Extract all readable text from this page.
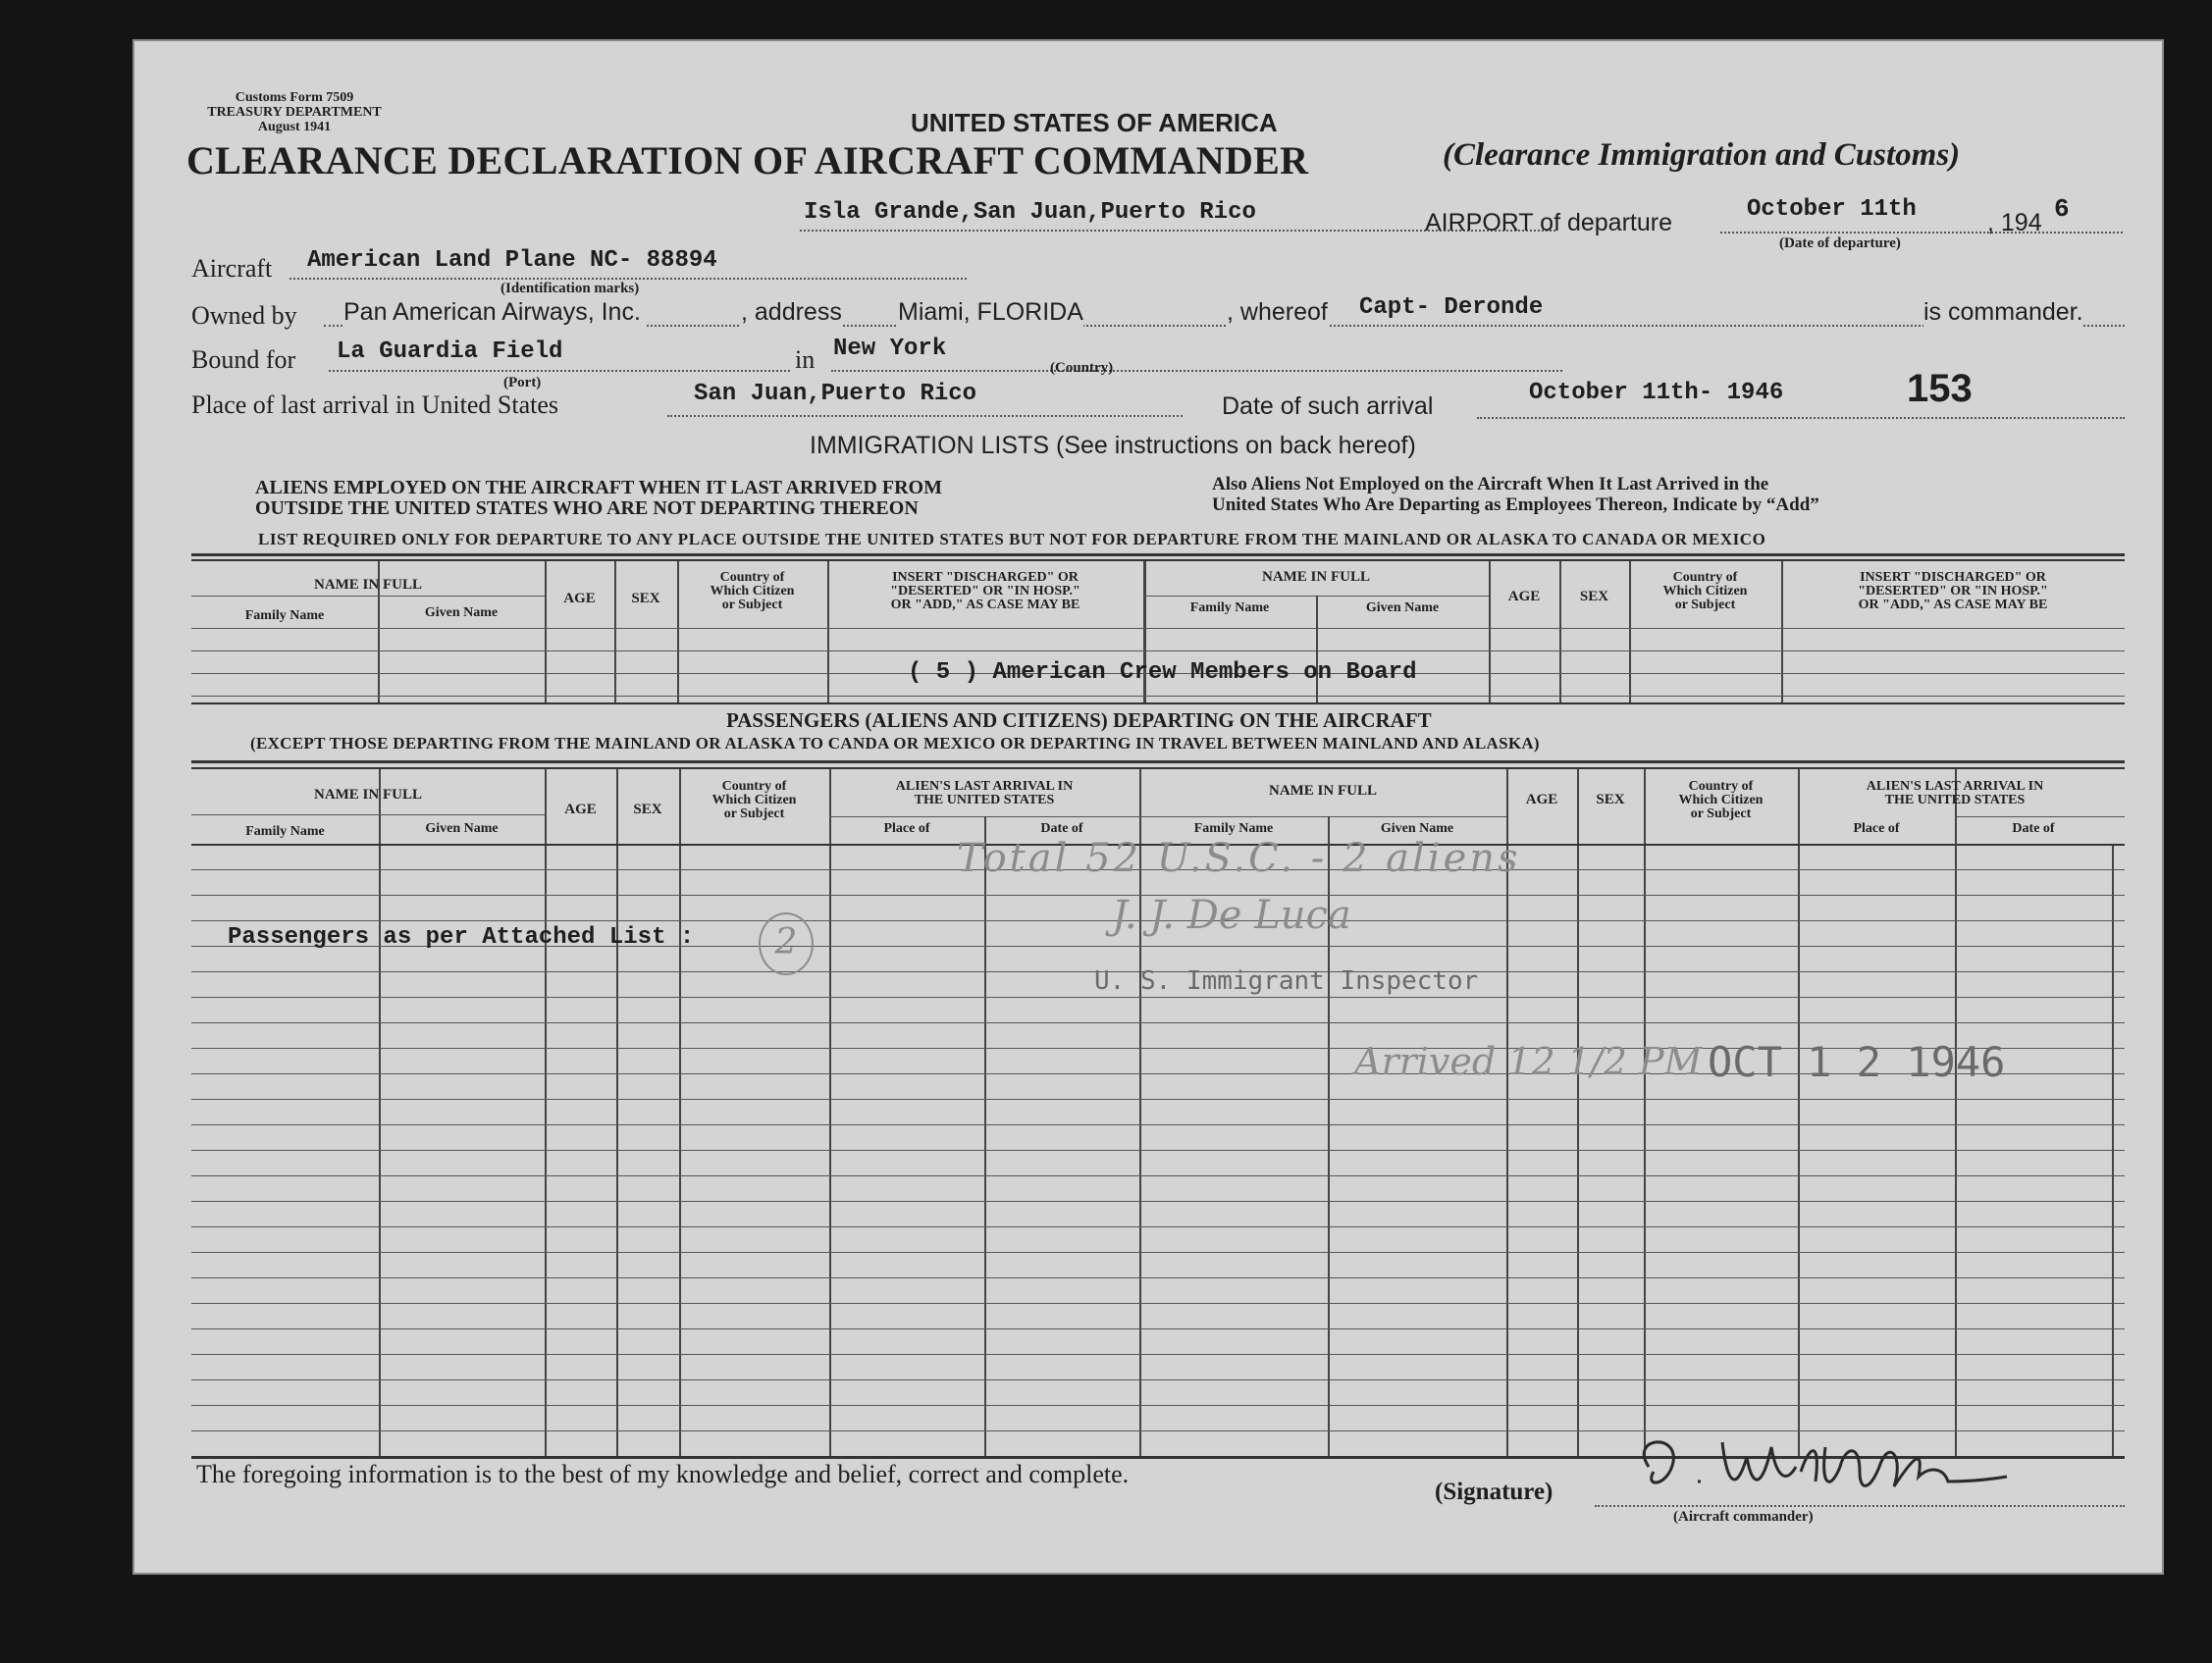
Customs Form 7509
TREASURY DEPARTMENT
August 1941	UNITED STATES OF AMERICA
CLEARANCE DECLARATION OF AIRCRAFT COMMANDER	(Clearance Immigration and Customs)
Isla Grande,San Juan,Puerto Rico	AIRPORT of departure	October 11th	, 194 6
(Date of departure)
Aircraft American Land Plane NC- 88894
(Identification marks)
Owned by Pan American Airways, Inc.	, address Miami, FLORIDA	, whereof Capt- Deronde	is commander.
Bound for La Guardia Field
(Port)
in New York
(Country)
Place of last arrival in United States	San Juan,Puerto Rico	Date of such arrival	October 11th- 1946	153
IMMIGRATION LISTS (See instructions on back hereof)
ALIENS EMPLOYED ON THE AIRCRAFT WHEN IT LAST ARRIVED FROM
OUTSIDE THE UNITED STATES WHO ARE NOT DEPARTING THEREON
Also Aliens Not Employed on the Aircraft When It Last Arrived in the
United States Who Are Departing as Employees Thereon, Indicate by “Add”
LIST REQUIRED ONLY FOR DEPARTURE TO ANY PLACE OUTSIDE THE UNITED STATES BUT NOT FOR DEPARTURE FROM THE MAINLAND OR ALASKA TO CANADA OR MEXICO
NAME IN FULL
Family Name	Given Name
AGE	SEX
Country of
Which Citizen
or Subject
INSERT "DISCHARGED" OR
"DESERTED" OR "IN HOSP."
OR "ADD," AS CASE MAY BE
NAME IN FULL
Family Name	Given Name
AGE	SEX
Country of
Which Citizen
or Subject
INSERT "DISCHARGED" OR
"DESERTED" OR "IN HOSP."
OR "ADD," AS CASE MAY BE
( 5 ) American Crew Members on Board
PASSENGERS (ALIENS AND CITIZENS) DEPARTING ON THE AIRCRAFT
(EXCEPT THOSE DEPARTING FROM THE MAINLAND OR ALASKA TO CANDA OR MEXICO OR DEPARTING IN TRAVEL BETWEEN MAINLAND AND ALASKA)
NAME IN FULL
Family Name	Given Name
AGE	SEX
Country of
Which Citizen
or Subject
ALIEN'S LAST ARRIVAL IN
THE UNITED STATES
Place of	Date of
NAME IN FULL
Family Name	Given Name
AGE	SEX
Country of
Which Citizen
or Subject
ALIEN'S LAST ARRIVAL IN
THE UNITED STATES
Place of	Date of
Passengers as per Attached List :	2
Total 52 U.S.C. - 2 aliens
J. J. De Luca
U. S. Immigrant Inspector
Arrived 12 1/2 PM OCT 1 2 1946
The foregoing information is to the best of my knowledge and belief, correct and complete.
(Signature)
(Aircraft commander)
